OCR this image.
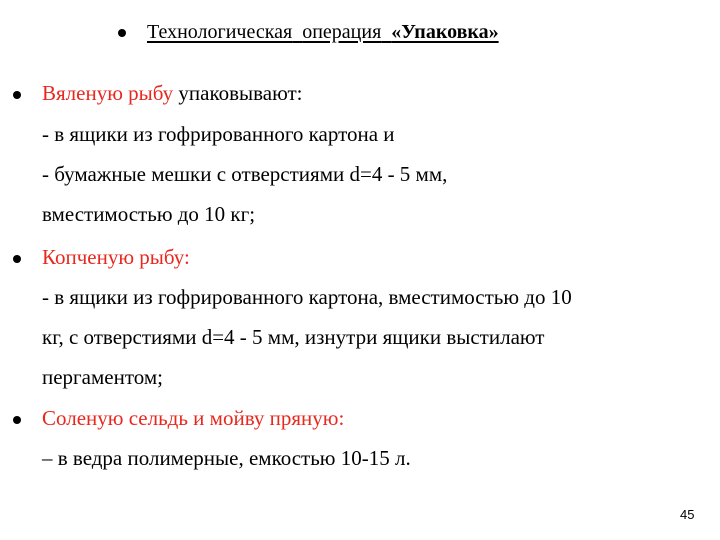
Технологическая операция «Упаковка»
Вяленую рыбу упаковывают:
- в ящики из гофрированного картона и
- бумажные мешки с отверстиями d=4 - 5 мм,
вместимостью до 10 кг;
Копченую рыбу:
- в ящики из гофрированного картона, вместимостью до 10
кг, с отверстиями d=4 - 5 мм, изнутри ящики выстилают
пергаментом;
Соленую сельдь и мойву пряную:
– в ведра полимерные, емкостью 10-15 л.
45
